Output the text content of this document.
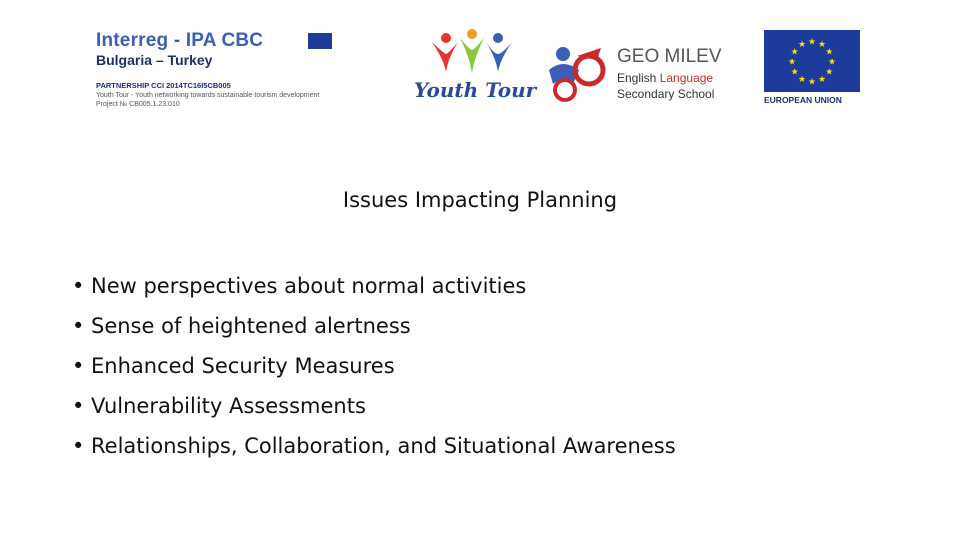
Interreg - IPA CBC
Bulgaria – Turkey
PARTNERSHIP CCI 2014TC16I5CB005
Youth Tour - Youth networking towards sustainable tourism development
Project № CB005.1.23.010
Youth Tour
GEO MILEV
English Language
Secondary School
★ ★
★
★
★
★
★
★
★
★
★
★
EUROPEAN UNION
Issues Impacting Planning
• New perspectives about normal activities
• Sense of heightened alertness
• Enhanced Security Measures
• Vulnerability Assessments
• Relationships, Collaboration, and Situational Awareness
